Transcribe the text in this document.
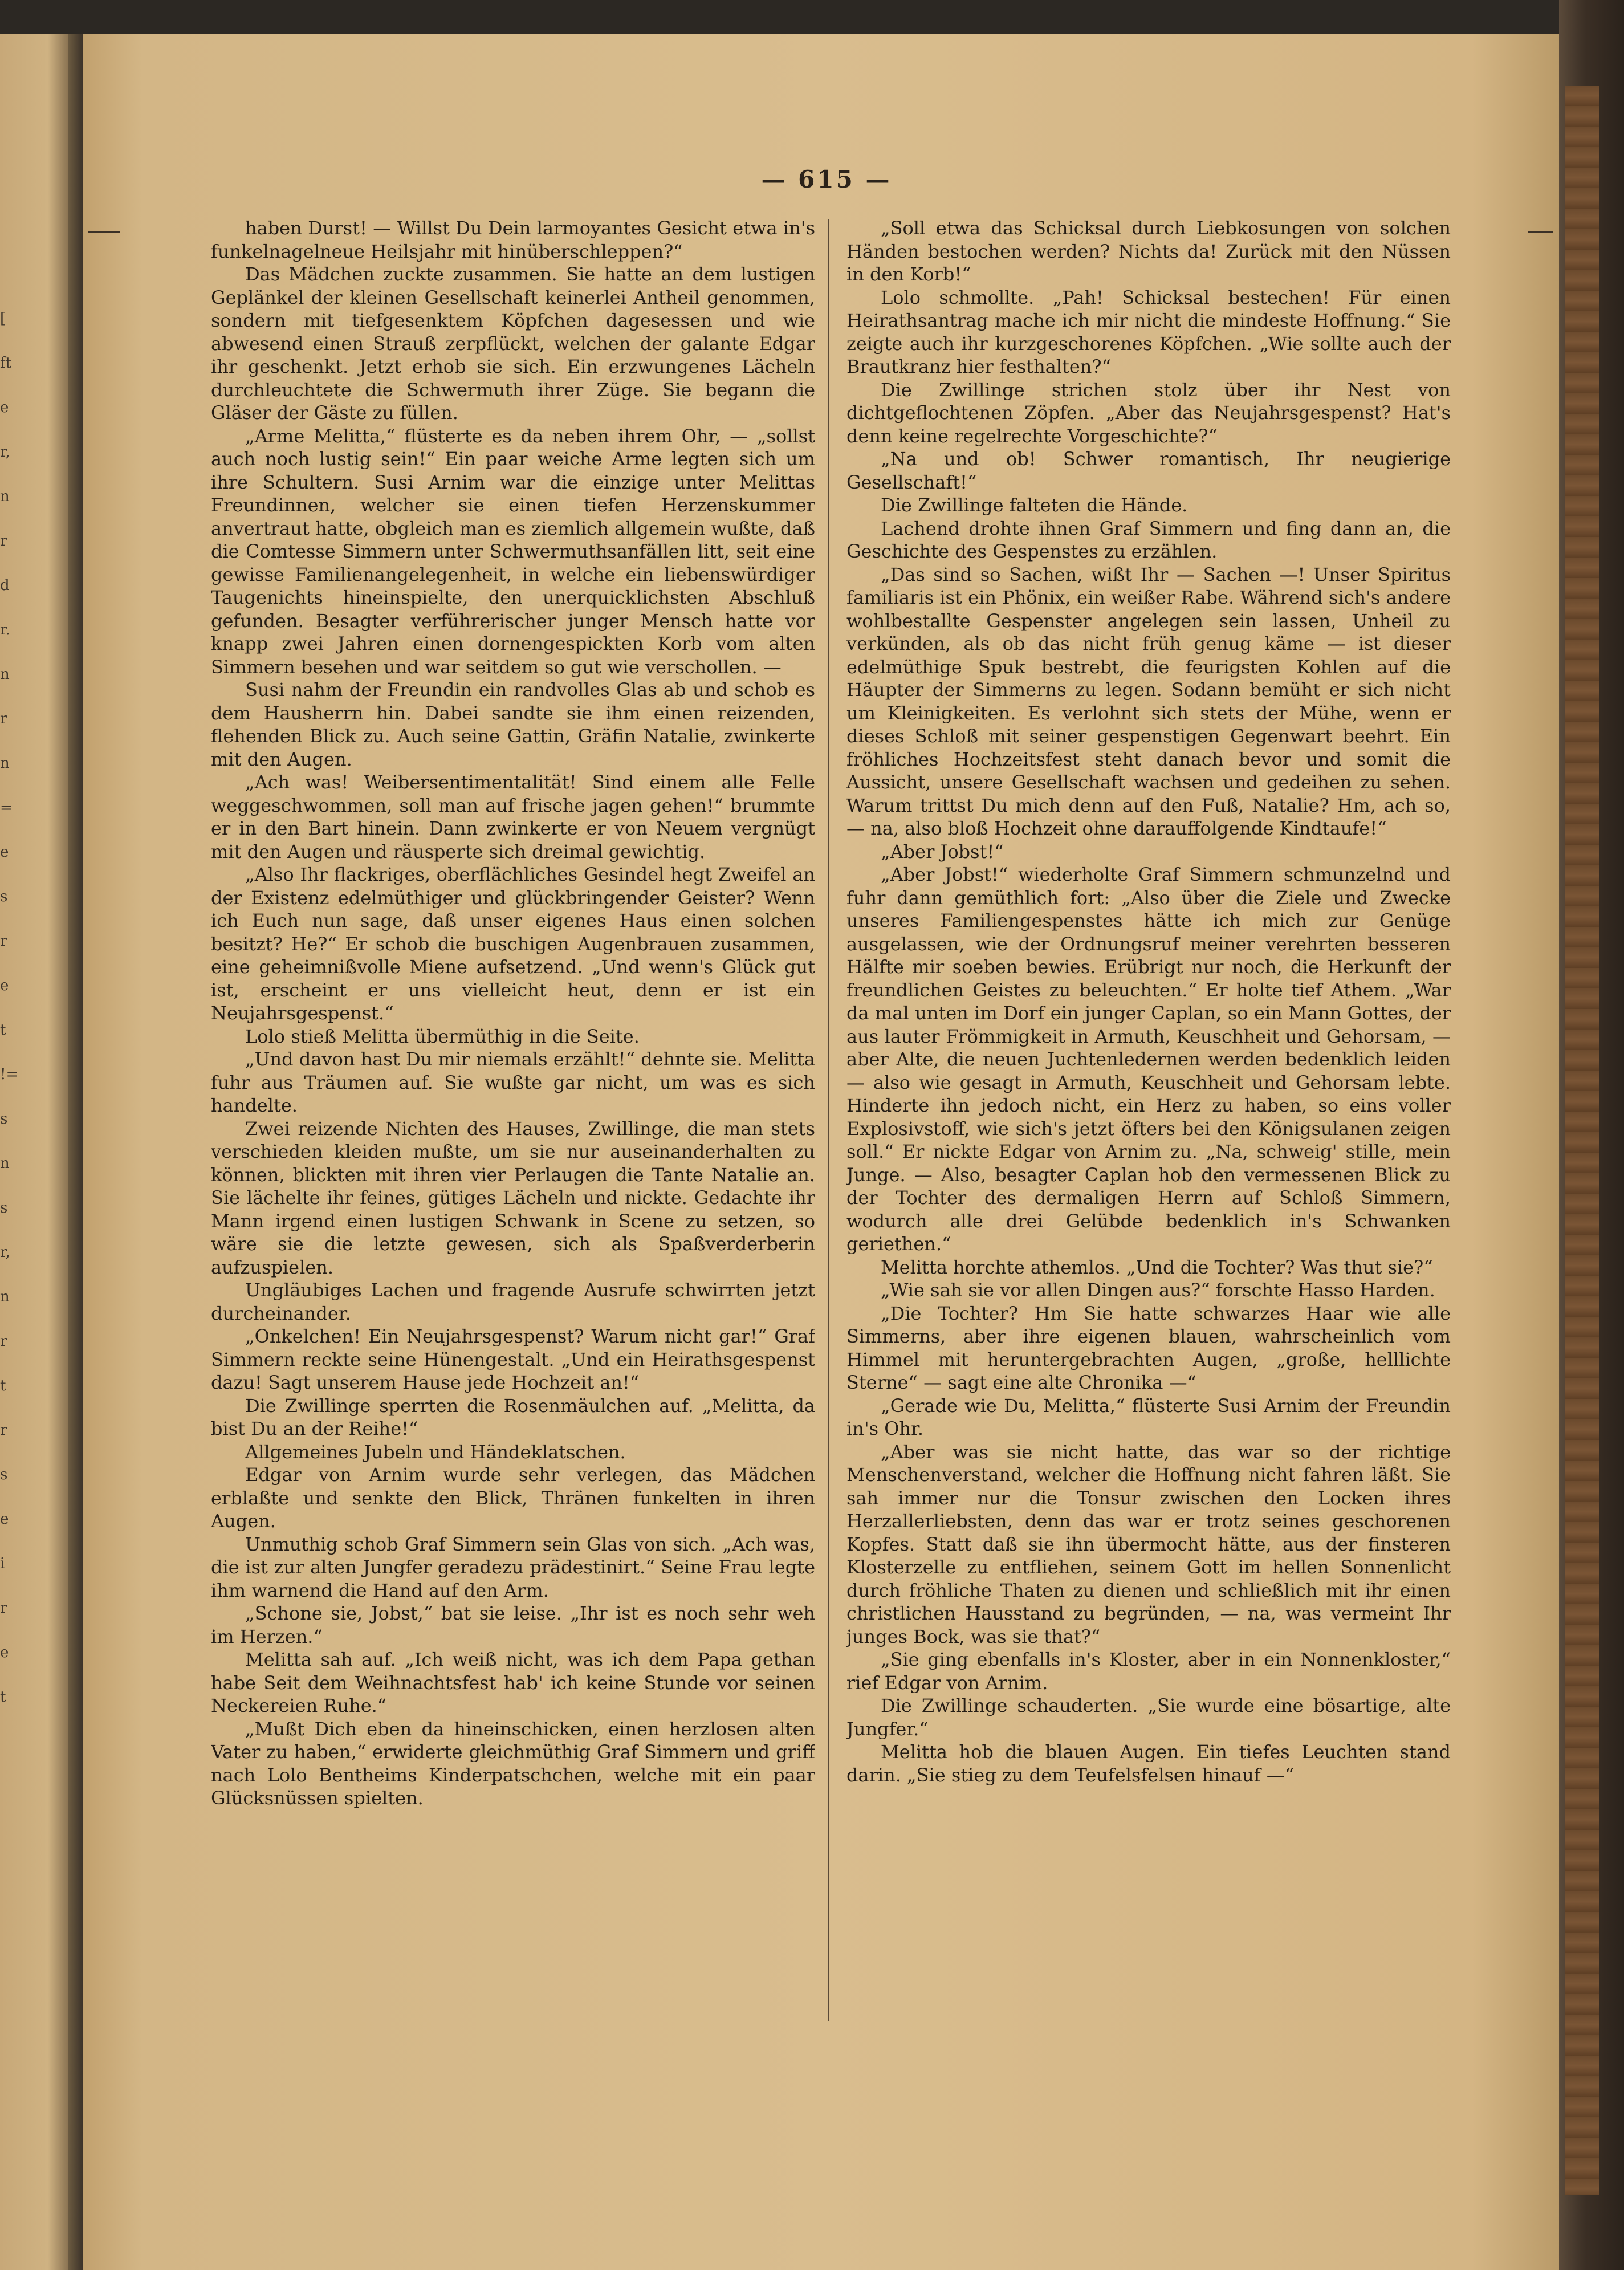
[
ft
e
r,
n
r
d
r.
n
r
n
=
e
s
r
e
t
!=
s
n
s
r,
n
r
t
r
s
e
i
r
e
t
— 615 —

haben Durst! — Willst Du Dein larmoyantes Gesicht etwa in's funkelnagelneue Heilsjahr mit hinüberschleppen?“

Das Mädchen zuckte zusammen. Sie hatte an dem lustigen Geplänkel der kleinen Gesellschaft keinerlei Antheil genommen, sondern mit tiefgesenktem Köpfchen dagesessen und wie abwesend einen Strauß zerpflückt, welchen der galante Edgar ihr geschenkt. Jetzt erhob sie sich. Ein erzwungenes Lächeln durchleuchtete die Schwermuth ihrer Züge. Sie begann die Gläser der Gäste zu füllen.

„Arme Melitta,“ flüsterte es da neben ihrem Ohr, — „sollst auch noch lustig sein!“ Ein paar weiche Arme legten sich um ihre Schultern. Susi Arnim war die einzige unter Melittas Freundinnen, welcher sie einen tiefen Herzenskummer anvertraut hatte, obgleich man es ziemlich allgemein wußte, daß die Comtesse Simmern unter Schwermuthsanfällen litt, seit eine gewisse Familienangelegenheit, in welche ein liebenswürdiger Taugenichts hineinspielte, den unerquicklichsten Abschluß gefunden. Besagter verführerischer junger Mensch hatte vor knapp zwei Jahren einen dornengespickten Korb vom alten Simmern besehen und war seitdem so gut wie verschollen. —

Susi nahm der Freundin ein randvolles Glas ab und schob es dem Hausherrn hin. Dabei sandte sie ihm einen reizenden, flehenden Blick zu. Auch seine Gattin, Gräfin Natalie, zwinkerte mit den Augen.

„Ach was! Weibersentimentalität! Sind einem alle Felle weggeschwommen, soll man auf frische jagen gehen!“ brummte er in den Bart hinein. Dann zwinkerte er von Neuem vergnügt mit den Augen und räusperte sich dreimal gewichtig.

„Also Ihr flackriges, oberflächliches Gesindel hegt Zweifel an der Existenz edelmüthiger und glückbringender Geister? Wenn ich Euch nun sage, daß unser eigenes Haus einen solchen besitzt? He?“ Er schob die buschigen Augenbrauen zusammen, eine geheimnißvolle Miene aufsetzend. „Und wenn's Glück gut ist, erscheint er uns vielleicht heut, denn er ist ein Neujahrsgespenst.“

Lolo stieß Melitta übermüthig in die Seite.

„Und davon hast Du mir niemals erzählt!“ dehnte sie. Melitta fuhr aus Träumen auf. Sie wußte gar nicht, um was es sich handelte.

Zwei reizende Nichten des Hauses, Zwillinge, die man stets verschieden kleiden mußte, um sie nur auseinanderhalten zu können, blickten mit ihren vier Perlaugen die Tante Natalie an. Sie lächelte ihr feines, gütiges Lächeln und nickte. Gedachte ihr Mann irgend einen lustigen Schwank in Scene zu setzen, so wäre sie die letzte gewesen, sich als Spaßverderberin aufzuspielen.

Ungläubiges Lachen und fragende Ausrufe schwirrten jetzt durcheinander.

„Onkelchen! Ein Neujahrsgespenst? Warum nicht gar!“ Graf Simmern reckte seine Hünengestalt. „Und ein Heirathsgespenst dazu! Sagt unserem Hause jede Hochzeit an!“

Die Zwillinge sperrten die Rosenmäulchen auf. „Melitta, da bist Du an der Reihe!“

Allgemeines Jubeln und Händeklatschen.

Edgar von Arnim wurde sehr verlegen, das Mädchen erblaßte und senkte den Blick, Thränen funkelten in ihren Augen.

Unmuthig schob Graf Simmern sein Glas von sich. „Ach was, die ist zur alten Jungfer geradezu prädestinirt.“ Seine Frau legte ihm warnend die Hand auf den Arm.

„Schone sie, Jobst,“ bat sie leise. „Ihr ist es noch sehr weh im Herzen.“

Melitta sah auf. „Ich weiß nicht, was ich dem Papa gethan habe Seit dem Weihnachtsfest hab' ich keine Stunde vor seinen Neckereien Ruhe.“

„Mußt Dich eben da hineinschicken, einen herzlosen alten Vater zu haben,“ erwiderte gleichmüthig Graf Simmern und griff nach Lolo Bentheims Kinderpatschchen, welche mit ein paar Glücksnüssen spielten.

„Soll etwa das Schicksal durch Liebkosungen von solchen Händen bestochen werden? Nichts da! Zurück mit den Nüssen in den Korb!“

Lolo schmollte. „Pah! Schicksal bestechen! Für einen Heirathsantrag mache ich mir nicht die mindeste Hoffnung.“ Sie zeigte auch ihr kurzgeschorenes Köpfchen. „Wie sollte auch der Brautkranz hier festhalten?“

Die Zwillinge strichen stolz über ihr Nest von dichtgeflochtenen Zöpfen. „Aber das Neujahrsgespenst? Hat's denn keine regelrechte Vorgeschichte?“

„Na und ob! Schwer romantisch, Ihr neugierige Gesellschaft!“

Die Zwillinge falteten die Hände.

Lachend drohte ihnen Graf Simmern und fing dann an, die Geschichte des Gespenstes zu erzählen.

„Das sind so Sachen, wißt Ihr — Sachen —! Unser Spiritus familiaris ist ein Phönix, ein weißer Rabe. Während sich's andere wohlbestallte Gespenster angelegen sein lassen, Unheil zu verkünden, als ob das nicht früh genug käme — ist dieser edelmüthige Spuk bestrebt, die feurigsten Kohlen auf die Häupter der Simmerns zu legen. Sodann bemüht er sich nicht um Kleinigkeiten. Es verlohnt sich stets der Mühe, wenn er dieses Schloß mit seiner gespenstigen Gegenwart beehrt. Ein fröhliches Hochzeitsfest steht danach bevor und somit die Aussicht, unsere Gesellschaft wachsen und gedeihen zu sehen. Warum trittst Du mich denn auf den Fuß, Natalie? Hm, ach so, — na, also bloß Hochzeit ohne darauffolgende Kindtaufe!“

„Aber Jobst!“

„Aber Jobst!“ wiederholte Graf Simmern schmunzelnd und fuhr dann gemüthlich fort: „Also über die Ziele und Zwecke unseres Familiengespenstes hätte ich mich zur Genüge ausgelassen, wie der Ordnungsruf meiner verehrten besseren Hälfte mir soeben bewies. Erübrigt nur noch, die Herkunft der freundlichen Geistes zu beleuchten.“ Er holte tief Athem. „War da mal unten im Dorf ein junger Caplan, so ein Mann Gottes, der aus lauter Frömmigkeit in Armuth, Keuschheit und Gehorsam, — aber Alte, die neuen Juchtenledernen werden bedenklich leiden — also wie gesagt in Armuth, Keuschheit und Gehorsam lebte. Hinderte ihn jedoch nicht, ein Herz zu haben, so eins voller Explosivstoff, wie sich's jetzt öfters bei den Königsulanen zeigen soll.“ Er nickte Edgar von Arnim zu. „Na, schweig' stille, mein Junge. — Also, besagter Caplan hob den vermessenen Blick zu der Tochter des dermaligen Herrn auf Schloß Simmern, wodurch alle drei Gelübde bedenklich in's Schwanken geriethen.“

Melitta horchte athemlos. „Und die Tochter? Was thut sie?“

„Wie sah sie vor allen Dingen aus?“ forschte Hasso Harden.

„Die Tochter? Hm Sie hatte schwarzes Haar wie alle Simmerns, aber ihre eigenen blauen, wahrscheinlich vom Himmel mit heruntergebrachten Augen, „große, helllichte Sterne“ — sagt eine alte Chronika —“

„Gerade wie Du, Melitta,“ flüsterte Susi Arnim der Freundin in's Ohr.

„Aber was sie nicht hatte, das war so der richtige Menschenverstand, welcher die Hoffnung nicht fahren läßt. Sie sah immer nur die Tonsur zwischen den Locken ihres Herzallerliebsten, denn das war er trotz seines geschorenen Kopfes. Statt daß sie ihn übermocht hätte, aus der finsteren Klosterzelle zu entfliehen, seinem Gott im hellen Sonnenlicht durch fröhliche Thaten zu dienen und schließlich mit ihr einen christlichen Hausstand zu begründen, — na, was vermeint Ihr junges Bock, was sie that?“

„Sie ging ebenfalls in's Kloster, aber in ein Nonnenkloster,“ rief Edgar von Arnim.

Die Zwillinge schauderten. „Sie wurde eine bösartige, alte Jungfer.“

Melitta hob die blauen Augen. Ein tiefes Leuchten stand darin. „Sie stieg zu dem Teufelsfelsen hinauf —“
